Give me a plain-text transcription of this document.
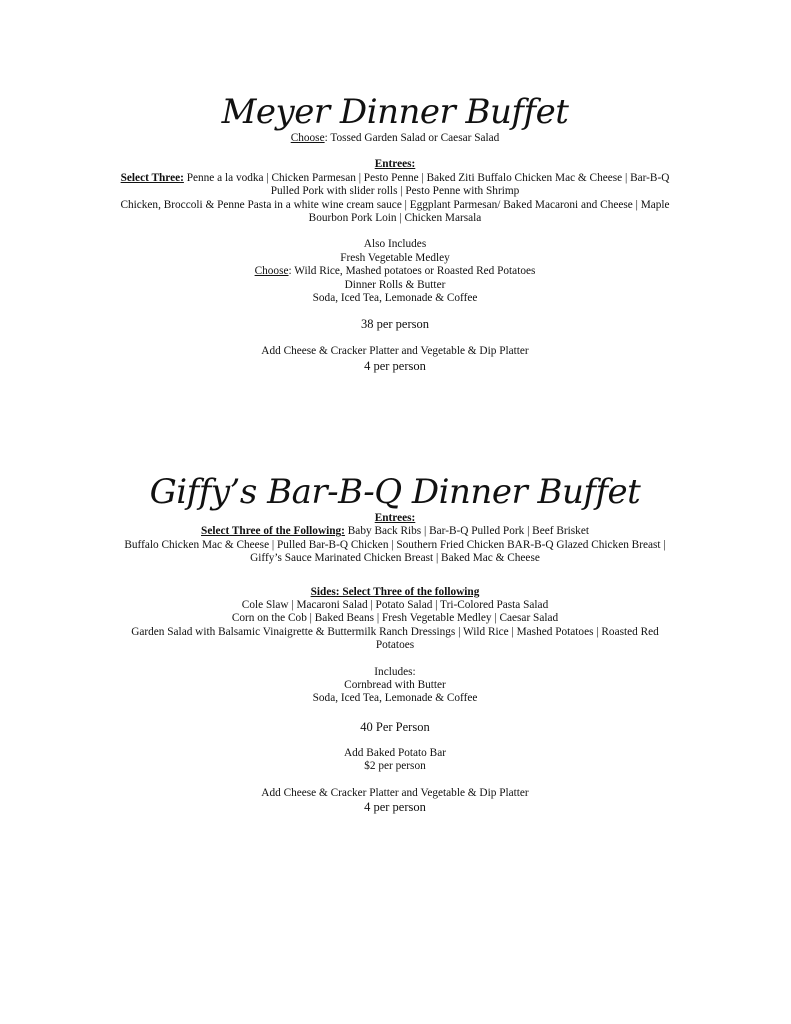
Meyer Dinner Buffet
Choose: Tossed Garden Salad or Caesar Salad
Entrees:
Select Three: Penne a la vodka | Chicken Parmesan | Pesto Penne | Baked Ziti Buffalo Chicken Mac & Cheese | Bar-B-Q
Pulled Pork with slider rolls | Pesto Penne with Shrimp
Chicken, Broccoli & Penne Pasta in a white wine cream sauce | Eggplant Parmesan/ Baked Macaroni and Cheese | Maple
Bourbon Pork Loin | Chicken Marsala
Also Includes
Fresh Vegetable Medley
Choose: Wild Rice, Mashed potatoes or Roasted Red Potatoes
Dinner Rolls & Butter
Soda, Iced Tea, Lemonade & Coffee
38 per person
Add Cheese & Cracker Platter and Vegetable & Dip Platter
4 per person
Giffy’s Bar-B-Q Dinner Buffet
Entrees:
Select Three of the Following: Baby Back Ribs | Bar-B-Q Pulled Pork | Beef Brisket
Buffalo Chicken Mac & Cheese | Pulled Bar-B-Q Chicken | Southern Fried Chicken BAR-B-Q Glazed Chicken Breast |
Giffy’s Sauce Marinated Chicken Breast | Baked Mac & Cheese
Sides: Select Three of the following
Cole Slaw | Macaroni Salad | Potato Salad | Tri-Colored Pasta Salad
Corn on the Cob | Baked Beans | Fresh Vegetable Medley | Caesar Salad
Garden Salad with Balsamic Vinaigrette & Buttermilk Ranch Dressings | Wild Rice | Mashed Potatoes | Roasted Red
Potatoes
Includes:
Cornbread with Butter
Soda, Iced Tea, Lemonade & Coffee
40 Per Person
Add Baked Potato Bar
$2 per person
Add Cheese & Cracker Platter and Vegetable & Dip Platter
4 per person
